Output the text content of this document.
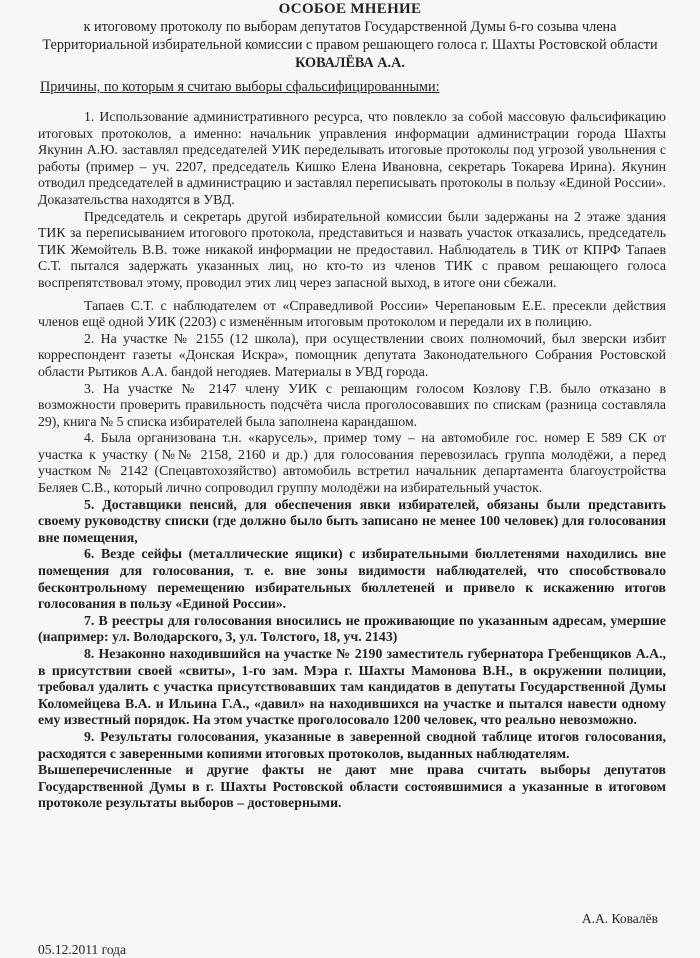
ОСОБОЕ МНЕНИЕ
к итоговому протоколу по выборам депутатов Государственной Думы 6-го созыва члена Территориальной избирательной комиссии с правом решающего голоса г. Шахты Ростовской области КОВАЛЁВА А.А.
Причины, по которым я считаю выборы сфальсифицированными:

1. Использование административного ресурса, что повлекло за собой массовую фальсификацию итоговых протоколов, а именно: начальник управления информации администрации города Шахты Якунин А.Ю. заставлял председателей УИК переделывать итоговые протоколы под угрозой увольнения с работы (пример – уч. 2207, председатель Кишко Елена Ивановна, секретарь Токарева Ирина). Якунин отводил председателей в администрацию и заставлял переписывать протоколы в пользу «Единой России». Доказательства находятся в УВД.

Председатель и секретарь другой избирательной комиссии были задержаны на 2 этаже здания ТИК за переписыванием итогового протокола, представиться и назвать участок отказались, председатель ТИК Жемойтель В.В. тоже никакой информации не предоставил. Наблюдатель в ТИК от КПРФ Тапаев С.Т. пытался задержать указанных лиц, но кто-то из членов ТИК с правом решающего голоса воспрепятствовал этому, проводил этих лиц через запасной выход, в итоге они сбежали.

Тапаев С.Т. с наблюдателем от «Справедливой России» Черепановым Е.Е. пресекли действия членов ещё одной УИК (2203) с изменённым итоговым протоколом и передали их в полицию.

2. На участке № 2155 (12 школа), при осуществлении своих полномочий, был зверски избит корреспондент газеты «Донская Искра», помощник депутата Законодательного Собрания Ростовской области Рытиков А.А. бандой негодяев. Материалы в УВД города.

3. На участке № 2147 члену УИК с решающим голосом Козлову Г.В. было отказано в возможности проверить правильность подсчёта числа проголосовавших по спискам (разница составляла 29), книга № 5 списка избирателей была заполнена карандашом.

4. Была организована т.н. «карусель», пример тому – на автомобиле гос. номер Е 589 СК от участка к участку (№№ 2158, 2160 и др.) для голосования перевозилась группа молодёжи, а перед участком № 2142 (Спецавтохозяйство) автомобиль встретил начальник департамента благоустройства Беляев С.В., который лично сопроводил группу молодёжи на избирательный участок.

5. Доставщики пенсий, для обеспечения явки избирателей, обязаны были представить своему руководству списки (где должно было быть записано не менее 100 человек) для голосования вне помещения,

6. Везде сейфы (металлические ящики) с избирательными бюллетенями находились вне помещения для голосования, т. е. вне зоны видимости наблюдателей, что способствовало бесконтрольному перемещению избирательных бюллетеней и привело к искажению итогов голосования в пользу «Единой России».

7. В реестры для голосования вносились не проживающие по указанным адресам, умершие (например: ул. Володарского, 3, ул. Толстого, 18, уч. 2143)

8. Незаконно находившийся на участке № 2190 заместитель губернатора Гребенщиков А.А., в присутствии своей «свиты», 1-го зам. Мэра г. Шахты Мамонова В.Н., в окружении полиции, требовал удалить с участка присутствовавших там кандидатов в депутаты Государственной Думы Коломейцева В.А. и Ильина Г.А., «давил» на находившихся на участке и пытался навести одному ему известный порядок. На этом участке проголосовало 1200 человек, что реально невозможно.

9. Результаты голосования, указанные в заверенной сводной таблице итогов голосования, расходятся с заверенными копиями итоговых протоколов, выданных наблюдателям.

Вышеперечисленные и другие факты не дают мне права считать выборы депутатов Государственной Думы в г. Шахты Ростовской области состоявшимися а указанные в итоговом протоколе результаты выборов – достоверными.

А.А. Ковалёв
05.12.2011 года
